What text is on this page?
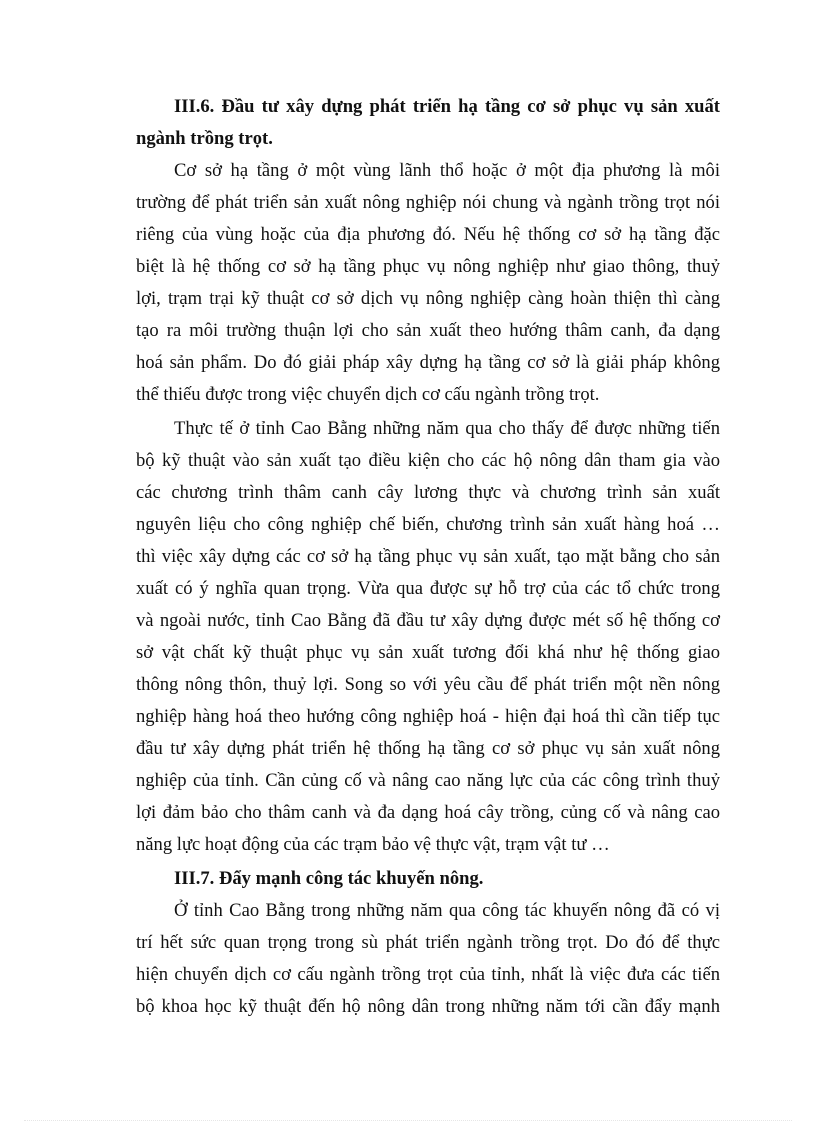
III.6. Đầu tư xây dựng phát triển hạ tầng cơ sở phục vụ sản xuất
ngành trồng trọt.
Cơ sở hạ tầng ở một vùng lãnh thổ hoặc ở một địa phương là môi
trường để phát triển sản xuất nông nghiệp nói chung và ngành trồng trọt nói
riêng của vùng hoặc của địa phương đó. Nếu hệ thống cơ sở hạ tầng đặc
biệt là hệ thống cơ sở hạ tầng phục vụ nông nghiệp như giao thông, thuỷ
lợi, trạm trại kỹ thuật cơ sở dịch vụ nông nghiệp càng hoàn thiện thì càng
tạo ra môi trường thuận lợi cho sản xuất theo hướng thâm canh, đa dạng
hoá sản phẩm. Do đó giải pháp xây dựng hạ tầng cơ sở là giải pháp không
thể thiếu được trong việc chuyển dịch cơ cấu ngành trồng trọt.
Thực tế ở tỉnh Cao Bằng những năm qua cho thấy để được những tiến
bộ kỹ thuật vào sản xuất tạo điều kiện cho các hộ nông dân tham gia vào
các chương trình thâm canh cây lương thực và chương trình sản xuất
nguyên liệu cho công nghiệp chế biến, chương trình sản xuất hàng hoá …
thì việc xây dựng các cơ sở hạ tầng phục vụ sản xuất, tạo mặt bằng cho sản
xuất có ý nghĩa quan trọng. Vừa qua được sự hỗ trợ của các tổ chức trong
và ngoài nước, tỉnh Cao Bằng đã đầu tư xây dựng được mét số hệ thống cơ
sở vật chất kỹ thuật phục vụ sản xuất tương đối khá như hệ thống giao
thông nông thôn, thuỷ lợi. Song so với yêu cầu để phát triển một nền nông
nghiệp hàng hoá theo hướng công nghiệp hoá - hiện đại hoá thì cần tiếp tục
đầu tư xây dựng phát triển hệ thống hạ tầng cơ sở phục vụ sản xuất nông
nghiệp của tỉnh. Cần củng cố và nâng cao năng lực của các công trình thuỷ
lợi đảm bảo cho thâm canh và đa dạng hoá cây trồng, củng cố và nâng cao
năng lực hoạt động của các trạm bảo vệ thực vật, trạm vật tư …
III.7. Đẩy mạnh công tác khuyến nông.
Ở tỉnh Cao Bằng trong những năm qua công tác khuyến nông đã có vị
trí hết sức quan trọng trong sù phát triển ngành trồng trọt. Do đó để thực
hiện chuyển dịch cơ cấu ngành trồng trọt của tỉnh, nhất là việc đưa các tiến
bộ khoa học kỹ thuật đến hộ nông dân trong những năm tới cần đẩy mạnh
